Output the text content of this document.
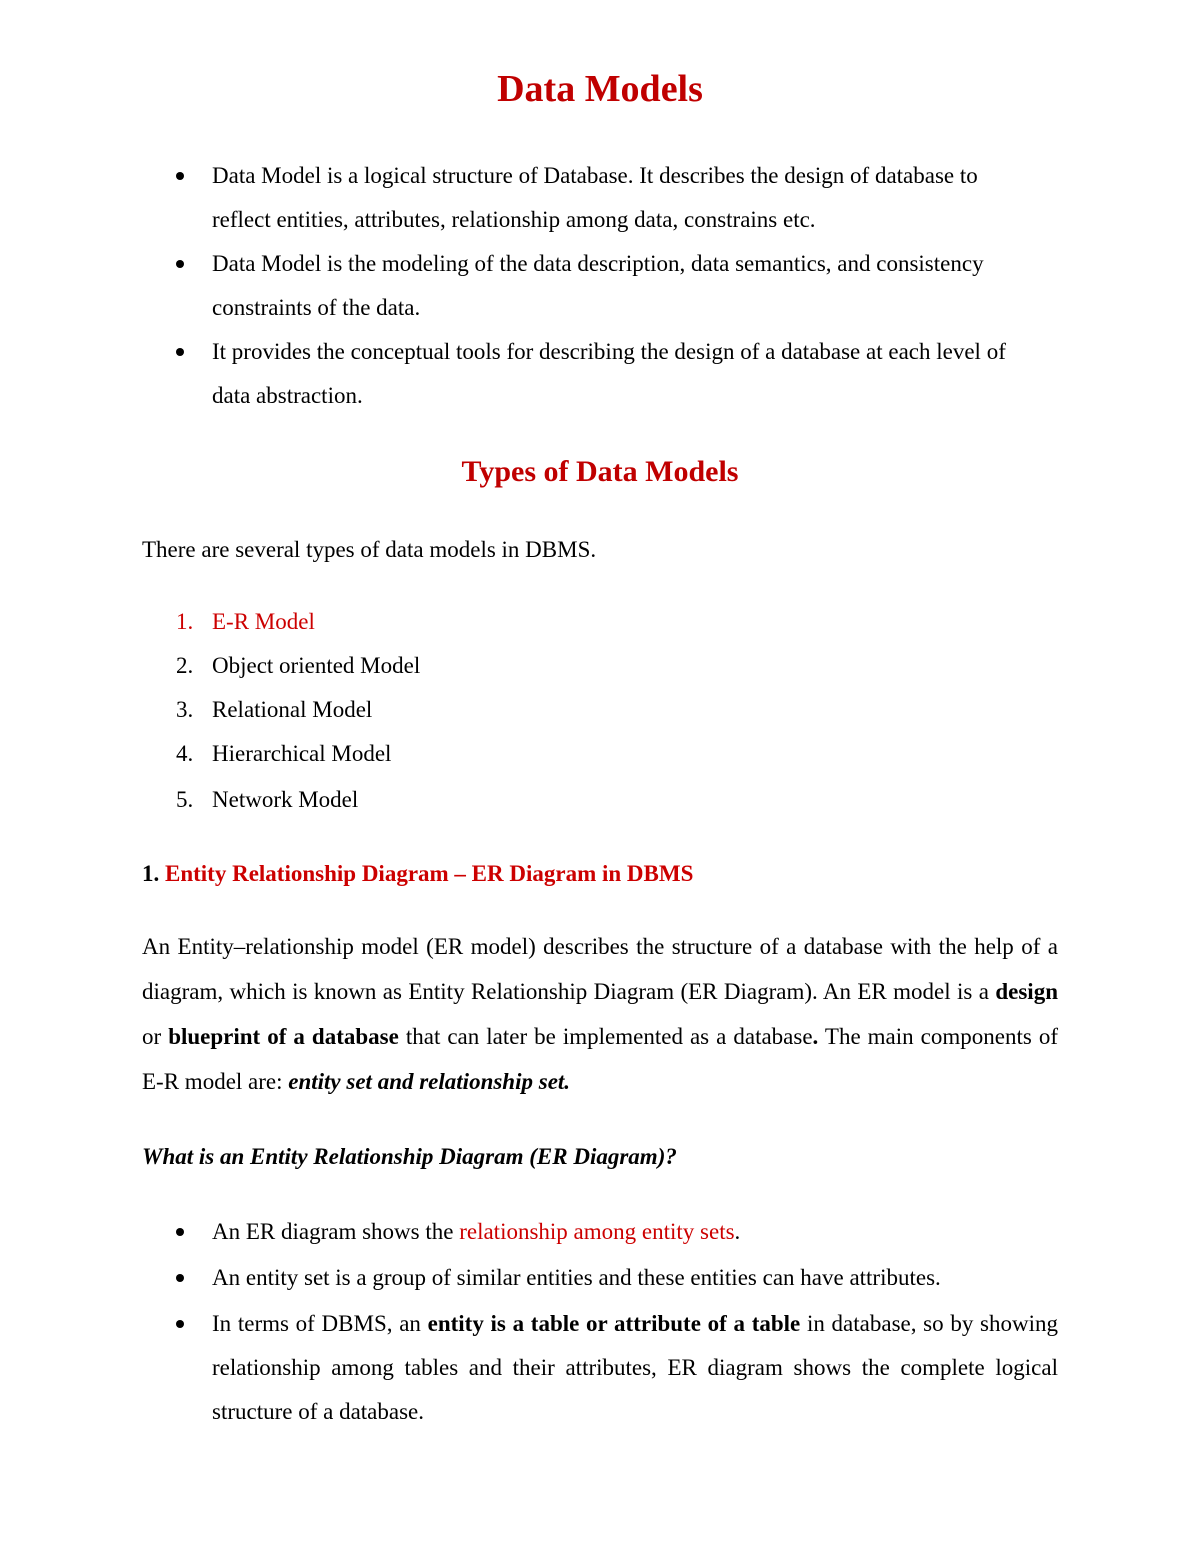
Data Models
Data Model is a logical structure of Database. It describes the design of database to reflect entities, attributes, relationship among data, constrains etc.
Data Model is the modeling of the data description, data semantics, and consistency constraints of the data.
It provides the conceptual tools for describing the design of a database at each level of data abstraction.
Types of Data Models

There are several types of data models in DBMS.

1. E-R Model
2. Object oriented Model
3. Relational Model
4. Hierarchical Model
5. Network Model
1. Entity Relationship Diagram – ER Diagram in DBMS

An Entity–relationship model (ER model) describes the structure of a database with the help of a diagram, which is known as Entity Relationship Diagram (ER Diagram). An ER model is a design or blueprint of a database that can later be implemented as a database. The main components of E-R model are: entity set and relationship set.

What is an Entity Relationship Diagram (ER Diagram)?

An ER diagram shows the relationship among entity sets.
An entity set is a group of similar entities and these entities can have attributes.
In terms of DBMS, an entity is a table or attribute of a table in database, so by showing relationship among tables and their attributes, ER diagram shows the complete logical structure of a database.
